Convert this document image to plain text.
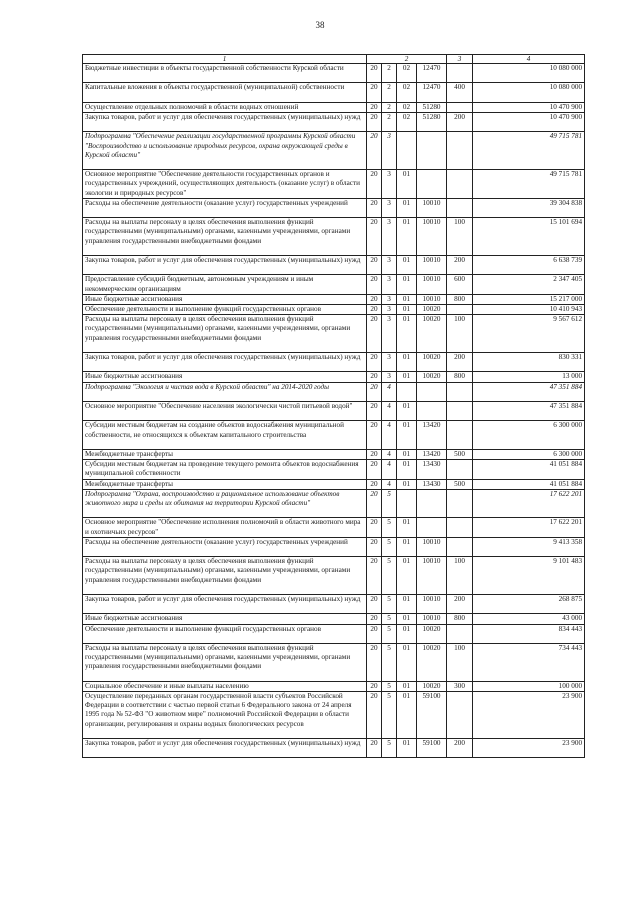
38
1	2				3	4
Бюджетные инвестиции в объекты государственной собственности Курской области	20	2	02	12470		10 080 000
Капитальные вложения в объекты государственной (муниципальной) собственности	20	2	02	12470	400	10 080 000
Осуществление отдельных полномочий в области водных отношений	20	2	02	51280		10 470 900
Закупка товаров, работ и услуг для обеспечения государственных (муниципальных) нужд	20	2	02	51280	200	10 470 900
Подпрограмма "Обеспечение реализации государственной программы Курской области "Воспроизводство и использование природных ресурсов, охрана окружающей среды в Курской области"	20	3				49 715 781
Основное мероприятие "Обеспечение деятельности государственных органов и государственных учреждений, осуществляющих деятельность (оказание услуг) в области экологии и природных ресурсов"	20	3	01			49 715 781
Расходы на обеспечение деятельности (оказание услуг) государственных учреждений	20	3	01	10010		39 304 838
Расходы на выплаты персоналу в целях обеспечения выполнения функций государственными (муниципальными) органами, казенными учреждениями, органами управления государственными внебюджетными фондами	20	3	01	10010	100	15 101 694
Закупка товаров, работ и услуг для обеспечения государственных (муниципальных) нужд	20	3	01	10010	200	6 638 739
Предоставление субсидий бюджетным, автономным учреждениям и иным некоммерческим организациям	20	3	01	10010	600	2 347 405
Иные бюджетные ассигнования	20	3	01	10010	800	15 217 000
Обеспечение деятельности и выполнение функций государственных органов	20	3	01	10020		10 410 943
Расходы на выплаты персоналу в целях обеспечения выполнения функций государственными (муниципальными) органами, казенными учреждениями, органами управления государственными внебюджетными фондами	20	3	01	10020	100	9 567 612
Закупка товаров, работ и услуг для обеспечения государственных (муниципальных) нужд	20	3	01	10020	200	830 331
Иные бюджетные ассигнования	20	3	01	10020	800	13 000
Подпрограмма "Экология и чистая вода в Курской области" на 2014-2020 годы	20	4				47 351 884
Основное мероприятие "Обеспечение населения экологически чистой питьевой водой"	20	4	01			47 351 884
Субсидии местным бюджетам на создание объектов водоснабжения муниципальной собственности, не относящихся к объектам капитального строительства	20	4	01	13420		6 300 000
Межбюджетные трансферты	20	4	01	13420	500	6 300 000
Субсидии местным бюджетам на проведение текущего ремонта объектов водоснабжения муниципальной собственности	20	4	01	13430		41 051 884
Межбюджетные трансферты	20	4	01	13430	500	41 051 884
Подпрограмма "Охрана, воспроизводство и рациональное использование объектов животного мира и среды их обитания на территории Курской области"	20	5				17 622 201
Основное мероприятие "Обеспечение исполнения полномочий в области животного мира и охотничьих ресурсов"	20	5	01			17 622 201
Расходы на обеспечение деятельности (оказание услуг) государственных учреждений	20	5	01	10010		9 413 358
Расходы на выплаты персоналу в целях обеспечения выполнения функций государственными (муниципальными) органами, казенными учреждениями, органами управления государственными внебюджетными фондами	20	5	01	10010	100	9 101 483
Закупка товаров, работ и услуг для обеспечения государственных (муниципальных) нужд	20	5	01	10010	200	268 875
Иные бюджетные ассигнования	20	5	01	10010	800	43 000
Обеспечение деятельности и выполнение функций государственных органов	20	5	01	10020		834 443
Расходы на выплаты персоналу в целях обеспечения выполнения функций государственными (муниципальными) органами, казенными учреждениями, органами управления государственными внебюджетными фондами	20	5	01	10020	100	734 443
Социальное обеспечение и иные выплаты населению	20	5	01	10020	300	100 000
Осуществление переданных органам государственной власти субъектов Российской Федерации в соответствии с частью первой статьи 6 Федерального закона от 24 апреля 1995 года № 52-ФЗ "О животном мире" полномочий Российской Федерации в области организации, регулирования и охраны водных биологических ресурсов	20	5	01	59100		23 900
Закупка товаров, работ и услуг для обеспечения государственных (муниципальных) нужд	20	5	01	59100	200	23 900
